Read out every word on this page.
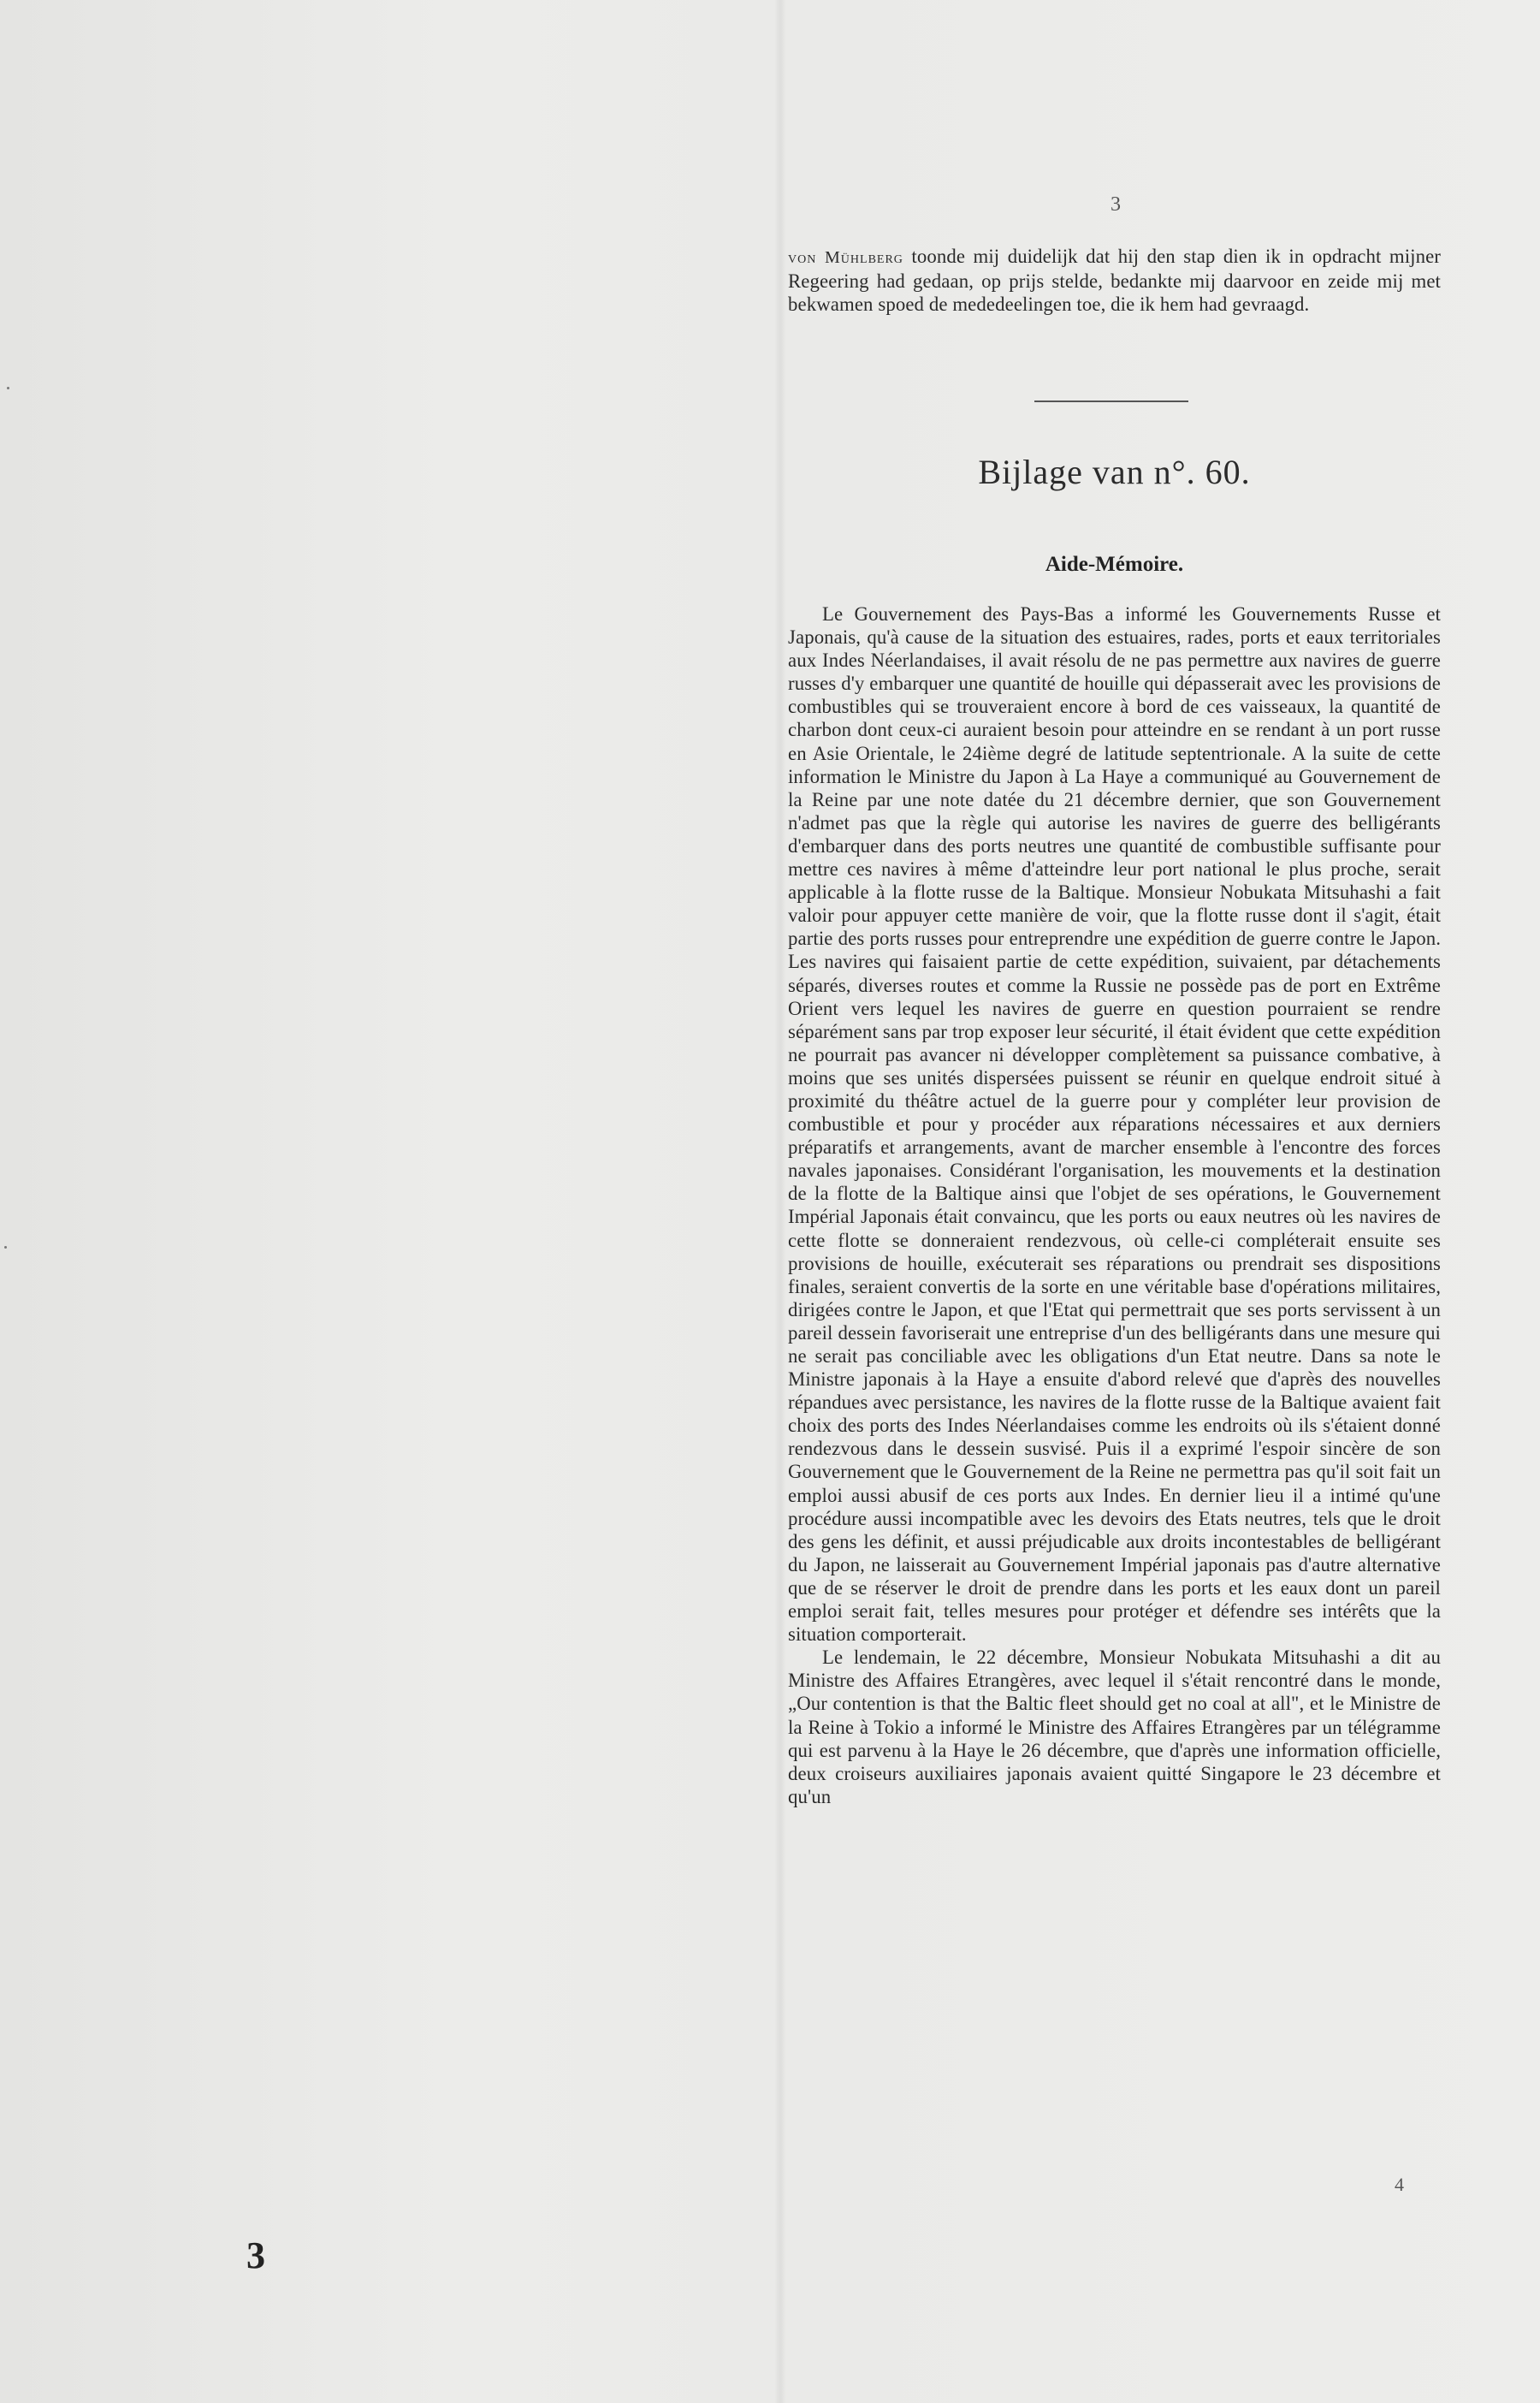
3

von Mühlberg toonde mij duidelijk dat hij den stap dien ik in opdracht mijner Regeering had gedaan, op prijs stelde, bedankte mij daarvoor en zeide mij met bekwamen spoed de mededeelingen toe, die ik hem had gevraagd.

Bijlage van n°. 60.
Aide-Mémoire.

Le Gouvernement des Pays-Bas a informé les Gouvernements Russe et Japonais, qu'à cause de la situation des estuaires, rades, ports et eaux territoriales aux Indes Néerlandaises, il avait résolu de ne pas permettre aux navires de guerre russes d'y embarquer une quantité de houille qui dépasserait avec les provisions de combustibles qui se trouveraient encore à bord de ces vaisseaux, la quantité de charbon dont ceux-ci auraient besoin pour atteindre en se rendant à un port russe en Asie Orientale, le 24ième degré de latitude septentrionale. A la suite de cette information le Ministre du Japon à La Haye a communiqué au Gouvernement de la Reine par une note datée du 21 décembre dernier, que son Gouvernement n'admet pas que la règle qui autorise les navires de guerre des belligérants d'embarquer dans des ports neutres une quantité de combustible suffisante pour mettre ces navires à même d'atteindre leur port national le plus proche, serait applicable à la flotte russe de la Baltique. Monsieur Nobukata Mitsuhashi a fait valoir pour appuyer cette manière de voir, que la flotte russe dont il s'agit, était partie des ports russes pour entreprendre une expédition de guerre contre le Japon. Les navires qui faisaient partie de cette expédition, suivaient, par détachements séparés, diverses routes et comme la Russie ne possède pas de port en Extrême Orient vers lequel les navires de guerre en question pourraient se rendre séparément sans par trop exposer leur sécurité, il était évident que cette expédition ne pourrait pas avancer ni développer complètement sa puissance combative, à moins que ses unités dispersées puissent se réunir en quelque endroit situé à proximité du théâtre actuel de la guerre pour y compléter leur provision de combustible et pour y procéder aux réparations nécessaires et aux derniers préparatifs et arrangements, avant de marcher ensemble à l'encontre des forces navales japonaises. Considérant l'organisation, les mouvements et la destination de la flotte de la Baltique ainsi que l'objet de ses opérations, le Gouvernement Impérial Japonais était convaincu, que les ports ou eaux neutres où les navires de cette flotte se donneraient rendezvous, où celle-ci compléterait ensuite ses provisions de houille, exécuterait ses réparations ou prendrait ses dispositions finales, seraient convertis de la sorte en une véritable base d'opérations militaires, dirigées contre le Japon, et que l'Etat qui permettrait que ses ports servissent à un pareil dessein favoriserait une entreprise d'un des belligérants dans une mesure qui ne serait pas conciliable avec les obligations d'un Etat neutre. Dans sa note le Ministre japonais à la Haye a ensuite d'abord relevé que d'après des nouvelles répandues avec persistance, les navires de la flotte russe de la Baltique avaient fait choix des ports des Indes Néerlandaises comme les endroits où ils s'étaient donné rendezvous dans le dessein susvisé. Puis il a exprimé l'espoir sincère de son Gouvernement que le Gouvernement de la Reine ne permettra pas qu'il soit fait un emploi aussi abusif de ces ports aux Indes. En dernier lieu il a intimé qu'une procédure aussi incompatible avec les devoirs des Etats neutres, tels que le droit des gens les définit, et aussi préjudicable aux droits incontestables de belligérant du Japon, ne laisserait au Gouvernement Impérial japonais pas d'autre alternative que de se réserver le droit de prendre dans les ports et les eaux dont un pareil emploi serait fait, telles mesures pour protéger et défendre ses intérêts que la situation comporterait.

Le lendemain, le 22 décembre, Monsieur Nobukata Mitsuhashi a dit au Ministre des Affaires Etrangères, avec lequel il s'était rencontré dans le monde, „Our contention is that the Baltic fleet should get no coal at all", et le Ministre de la Reine à Tokio a informé le Ministre des Affaires Etrangères par un télégramme qui est parvenu à la Haye le 26 décembre, que d'après une information officielle, deux croiseurs auxiliaires japonais avaient quitté Singapore le 23 décembre et qu'un

4
3
